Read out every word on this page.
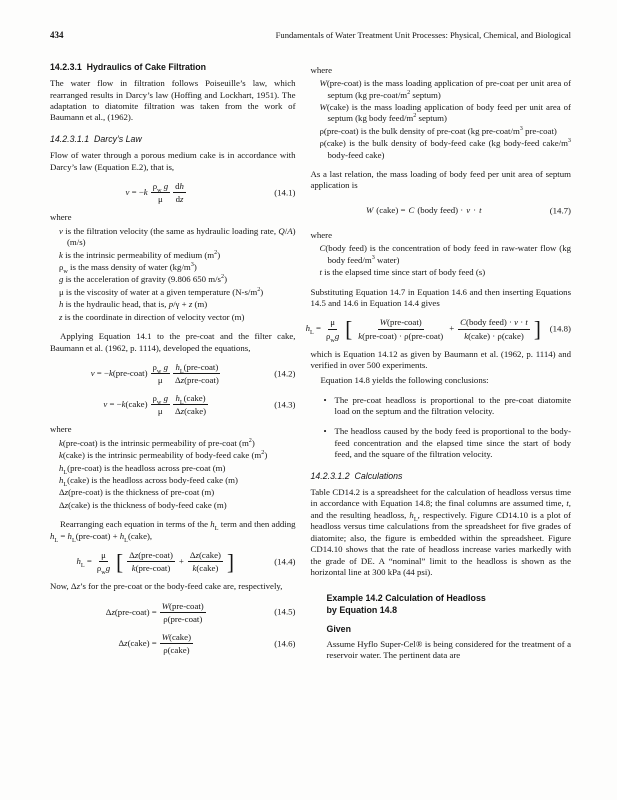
434	Fundamentals of Water Treatment Unit Processes: Physical, Chemical, and Biological
14.2.3.1  Hydraulics of Cake Filtration

The water flow in filtration follows Poiseuille’s law, which rearranged results in Darcy’s law (Hoffing and Lockhart, 1951). The adaptation to diatomite filtration was taken from the work of Baumann et al., (1962).

14.2.3.1.1  Darcy’s Law

Flow of water through a porous medium cake is in accordance with Darcy’s law (Equation E.2), that is,

$v = -k \frac{\rho_w g}{\mu} \frac{dh}{dz}$	(14.1)

where

v is the filtration velocity (the same as hydraulic loading rate, Q/A) (m/s)

k is the intrinsic permeability of medium $(m^2)$

$\rho_w$ is the mass density of water $(kg/m^3)$

g is the acceleration of gravity (9.806 650 $m/s^2$)

μ is the viscosity of water at a given temperature $(N-s/m^2)$

h is the hydraulic head, that is, p/γ + z (m)

z is the coordinate in direction of velocity vector (m)

Applying Equation 14.1 to the pre-coat and the filter cake, Baumann et al. (1962, p. 1114), developed the equations,

v = −k(pre-coat) $\frac{\rho_w g}{\mu} \frac{h_L(pre-coat)}{\text{Δz(pre-coat)}}$	(14.2)
v = −k(cake) $\frac{\rho_w g}{\mu} \frac{h_L(cake)}{\text{Δz(cake)}}$	(14.3)

where

k(pre-coat) is the intrinsic permeability of pre-coat $(m^2)$

k(cake) is the intrinsic permeability of body-feed cake $(m^2)$

$h_L(pre-coat)$ is the headloss across pre-coat (m)

$h_L(cake)$ is the headloss across body-feed cake (m)

Δz(pre-coat) is the thickness of pre-coat (m)

Δz(cake) is the thickness of body-feed cake (m)

Rearranging each equation in terms of the $h_L$ term and then adding $h_L$ = $h_L(pre-coat)$ + $h_L(cake)$,

$h_L = \frac{\mu}{\rho_wg}$ [ $\frac{\text{Δz(pre-coat)}}{\text{k(pre-coat)}} + \frac{\text{Δz(cake)}}{\text{k(cake)}}$ ]	(14.4)

Now, Δz’s for the pre-coat or the body-feed cake are, respectively,

Δz(pre-coat) = $\frac{\text{W(pre-coat)}}{\text{ρ(pre-coat)}}$	(14.5)
Δz(cake) = $\frac{\text{W(cake)}}{\text{ρ(cake)}}$	(14.6)

where

W(pre-coat) is the mass loading application of pre-coat per unit area of septum (kg pre-$coat/m^2$ septum)

W(cake) is the mass loading application of body feed per unit area of septum (kg body feed/$m^2$ septum)

ρ(pre-coat) is the bulk density of pre-coat (kg pre-$coat/m^3$ pre-coat)

ρ(cake) is the bulk density of body-feed cake (kg body-feed cake/$m^3$ body-feed cake)

As a last relation, the mass loading of body feed per unit area of septum application is

W (cake) = C (body feed) · v · t	(14.7)

where

C(body feed) is the concentration of body feed in raw-water flow (kg body feed/$m^3$ water)

t is the elapsed time since start of body feed (s)

Substituting Equation 14.7 in Equation 14.6 and then inserting Equations 14.5 and 14.6 in Equation 14.4 gives

$h_L = \frac{\mu}{\rho_wg}$ [ $\frac{\text{W(pre-coat)}}{\text{k(pre-coat) · ρ(pre-coat)}} + \frac{\text{C(body feed) · v · t}}{\text{k(cake) · ρ(cake)}}$ ] (14.8)

which is Equation 14.12 as given by Baumann et al. (1962, p. 1114) and verified in over 500 experiments.

Equation 14.8 yields the following conclusions:

• The pre-coat headloss is proportional to the pre-coat diatomite load on the septum and the filtration velocity.

• The headloss caused by the body feed is proportional to the body-feed concentration and the elapsed time since the start of body feed, and the square of the filtration velocity.

14.2.3.1.2  Calculations

Table CD14.2 is a spreadsheet for the calculation of headloss versus time in accordance with Equation 14.8; the final columns are assumed time, t, and the resulting headloss, $h_L$, respectively. Figure CD14.10 is a plot of headloss versus time calculations from the spreadsheet for five grades of diatomite; also, the figure is embedded within the spreadsheet. Figure CD14.10 shows that the rate of headloss increase varies markedly with the grade of DE. A “nominal” limit to the headloss is shown as the horizontal line at 300 kPa (44 psi).

Example 14.2 Calculation of Headloss
by Equation 14.8

Given

Assume Hyflo Super-Cel® is being considered for the treatment of a reservoir water. The pertinent data are
